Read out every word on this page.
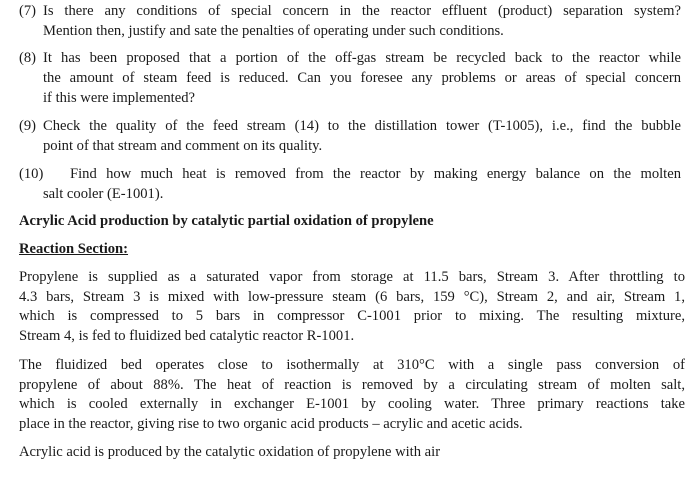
(7) Is there any conditions of special concern in the reactor effluent (product) separation system?
Mention then, justify and sate the penalties of operating under such conditions.
(8) It has been proposed that a portion of the off-gas stream be recycled back to the reactor while
the amount of steam feed is reduced. Can you foresee any problems or areas of special concern
if this were implemented?
(9) Check the quality of the feed stream (14) to the distillation tower (T-1005), i.e., find the bubble
point of that stream and comment on its quality.
(10) Find how much heat is removed from the reactor by making energy balance on the molten
salt cooler (E-1001).
Acrylic Acid production by catalytic partial oxidation of propylene
Reaction Section:
Propylene is supplied as a saturated vapor from storage at 11.5 bars, Stream 3. After throttling to
4.3 bars, Stream 3 is mixed with low-pressure steam (6 bars, 159 °C), Stream 2, and air, Stream 1,
which is compressed to 5 bars in compressor C-1001 prior to mixing. The resulting mixture,
Stream 4, is fed to fluidized bed catalytic reactor R-1001.
The fluidized bed operates close to isothermally at 310°C with a single pass conversion of
propylene of about 88%. The heat of reaction is removed by a circulating stream of molten salt,
which is cooled externally in exchanger E-1001 by cooling water. Three primary reactions take
place in the reactor, giving rise to two organic acid products – acrylic and acetic acids.
Acrylic acid is produced by the catalytic oxidation of propylene with air
